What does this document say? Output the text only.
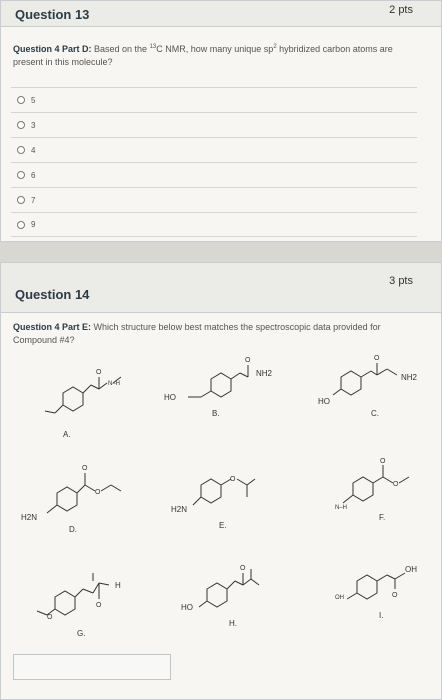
Question 13	2 pts
Question 4 Part D: Based on the $^{13}$C NMR, how many unique $sp^2$ hybridized carbon atoms are present in this molecule?
5
3
4
6
7
9
Question 14
3 pts
Question 4 Part E: Which structure below best matches the spectroscopic data provided for Compound #4?
O
A.
N–H
O
HO
NH2
B.
O
HO
NH2
C.
O
O
H2N
D.
O
H2N
E.
O
O
N–H
F.
O
O
H
G.
O
HO
H.
O
OH
OH
I.
